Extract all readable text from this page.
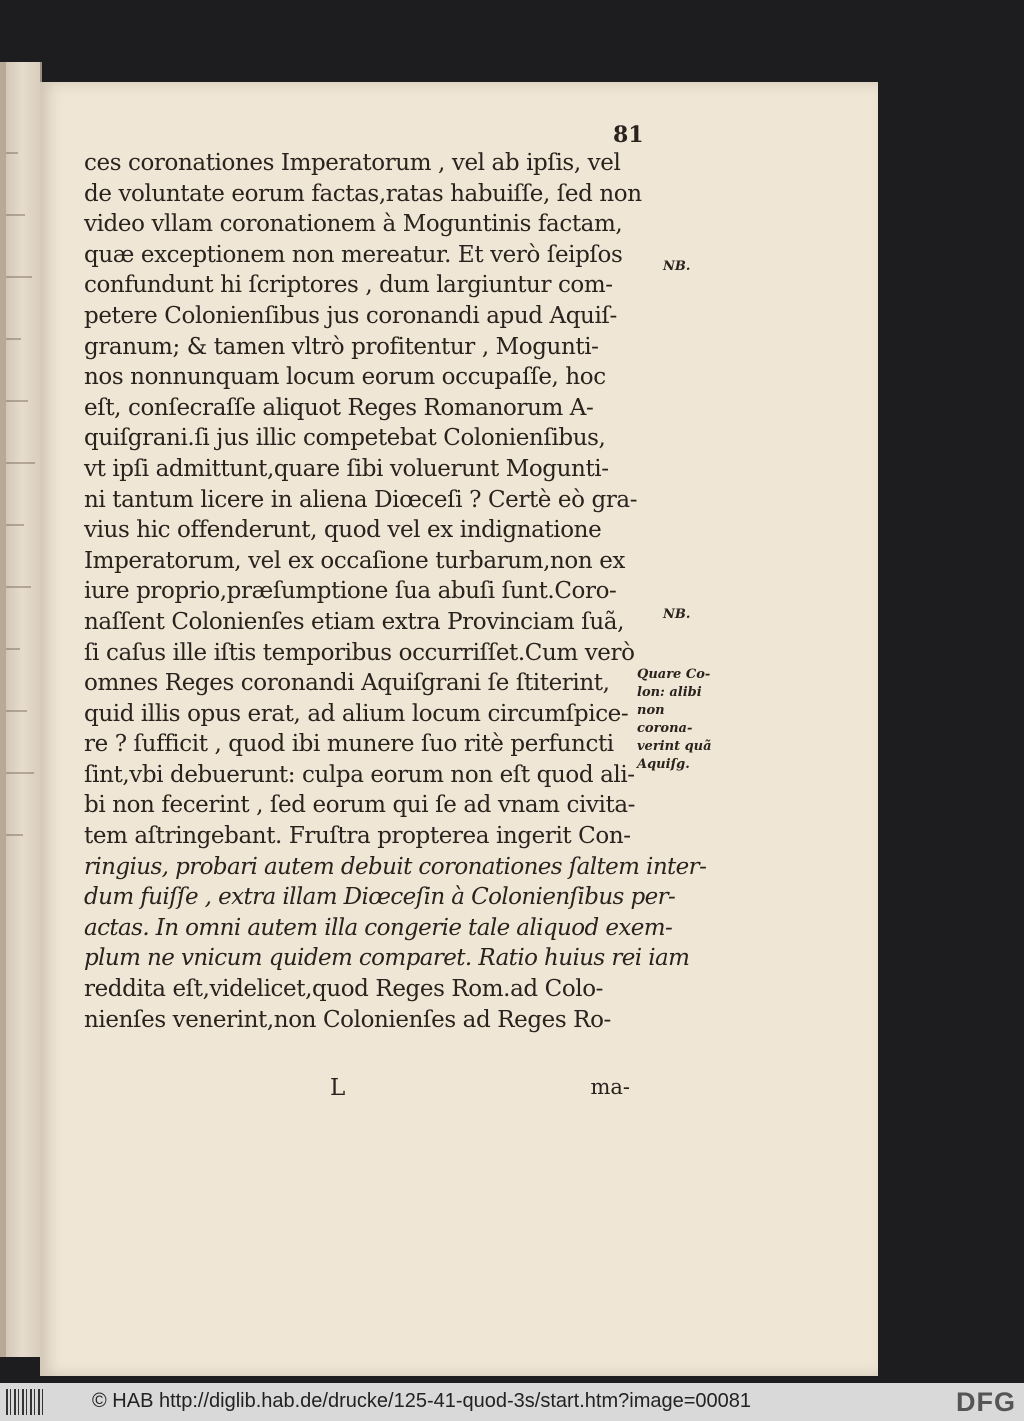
81
ces coronationes Imperatorum , vel ab ipſis, vel
de voluntate eorum factas,ratas habuiſſe, ſed non
video vllam coronationem à Moguntinis factam,
quæ exceptionem non mereatur. Et verò ſeipſos
confundunt hi ſcriptores , dum largiuntur com-
petere Colonienſibus jus coronandi apud Aquiſ-
granum; & tamen vltrò profitentur , Mogunti-
nos nonnunquam locum eorum occupaſſe, hoc
eſt, conſecraſſe aliquot Reges Romanorum A-
quiſgrani.ſi jus illic competebat Colonienſibus,
vt ipſi admittunt,quare ſibi voluerunt Mogunti-
ni tantum licere in aliena Diœceſi ? Certè eò gra-
vius hic offenderunt, quod vel ex indignatione
Imperatorum, vel ex occaſione turbarum,non ex
iure proprio,præſumptione ſua abuſi ſunt.Coro-
naſſent Colonienſes etiam extra Provinciam ſuã,
ſi caſus ille iſtis temporibus occurriſſet.Cum verò
omnes Reges coronandi Aquiſgrani ſe ſtiterint,
quid illis opus erat, ad alium locum circumſpice-
re ? ſufficit , quod ibi munere ſuo ritè perfuncti
ſint,vbi debuerunt: culpa eorum non eſt quod ali-
bi non fecerint , ſed eorum qui ſe ad vnam civita-
tem aſtringebant. Fruſtra propterea ingerit Con-
ringius, probari autem debuit coronationes ſaltem inter-
dum fuiſſe , extra illam Diœceſin à Colonienſibus per-
actas. In omni autem illa congerie tale aliquod exem-
plum ne vnicum quidem comparet. Ratio huius rei iam
reddita eſt,videlicet,quod Reges Rom.ad Colo-
nienſes venerint,non Colonienſes ad Reges Ro-
L	ma-
NB.
NB.
Quare Co-
lon: alibi
non corona-
verint quã
Aquiſg.
© HAB http://diglib.hab.de/drucke/125-41-quod-3s/start.htm?image=00081	DFG
